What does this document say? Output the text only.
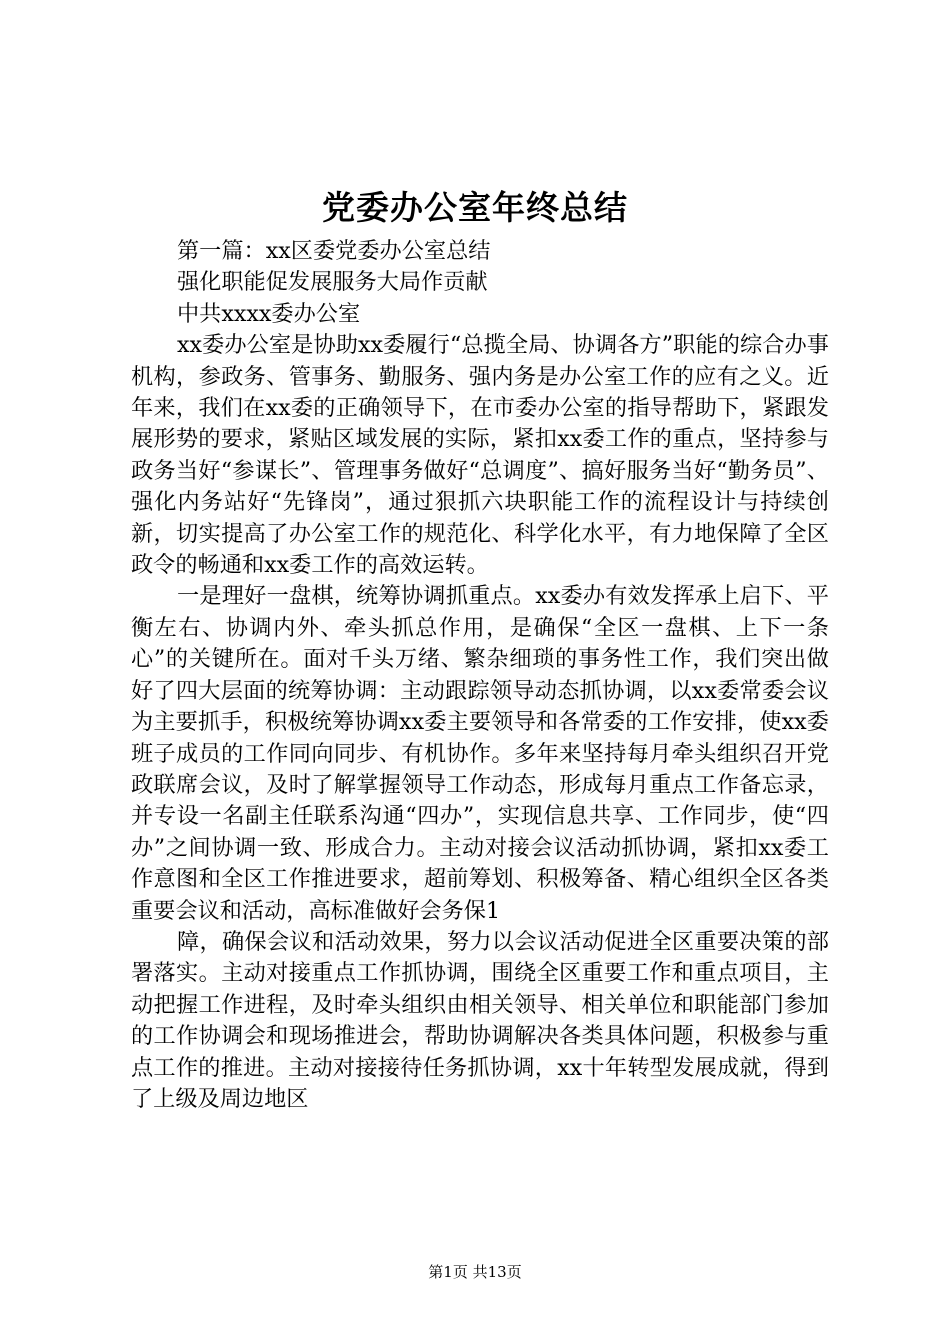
党委办公室年终总结

第一篇：xx区委党委办公室总结

强化职能促发展服务大局作贡献

中共xxxx委办公室

xx委办公室是协助xx委履行“总揽全局、协调各方”职能的综合办事机构，参政务、管事务、勤服务、强内务是办公室工作的应有之义。近年来，我们在xx委的正确领导下，在市委办公室的指导帮助下，紧跟发展形势的要求，紧贴区域发展的实际，紧扣xx委工作的重点，坚持参与政务当好“参谋长”、管理事务做好“总调度”、搞好服务当好“勤务员”、强化内务站好“先锋岗”，通过狠抓六块职能工作的流程设计与持续创新，切实提高了办公室工作的规范化、科学化水平，有力地保障了全区政令的畅通和xx委工作的高效运转。

一是理好一盘棋，统筹协调抓重点。xx委办有效发挥承上启下、平衡左右、协调内外、牵头抓总作用，是确保“全区一盘棋、上下一条心”的关键所在。面对千头万绪、繁杂细琐的事务性工作，我们突出做好了四大层面的统筹协调：主动跟踪领导动态抓协调，以xx委常委会议为主要抓手，积极统筹协调xx委主要领导和各常委的工作安排，使xx委班子成员的工作同向同步、有机协作。多年来坚持每月牵头组织召开党政联席会议，及时了解掌握领导工作动态，形成每月重点工作备忘录，并专设一名副主任联系沟通“四办”，实现信息共享、工作同步，使“四办”之间协调一致、形成合力。主动对接会议活动抓协调，紧扣xx委工作意图和全区工作推进要求，超前筹划、积极筹备、精心组织全区各类重要会议和活动，高标准做好会务保1

障，确保会议和活动效果，努力以会议活动促进全区重要决策的部署落实。主动对接重点工作抓协调，围绕全区重要工作和重点项目，主动把握工作进程，及时牵头组织由相关领导、相关单位和职能部门参加的工作协调会和现场推进会，帮助协调解决各类具体问题，积极参与重点工作的推进。主动对接接待任务抓协调，xx十年转型发展成就，得到了上级及周边地区

第1页 共13页
